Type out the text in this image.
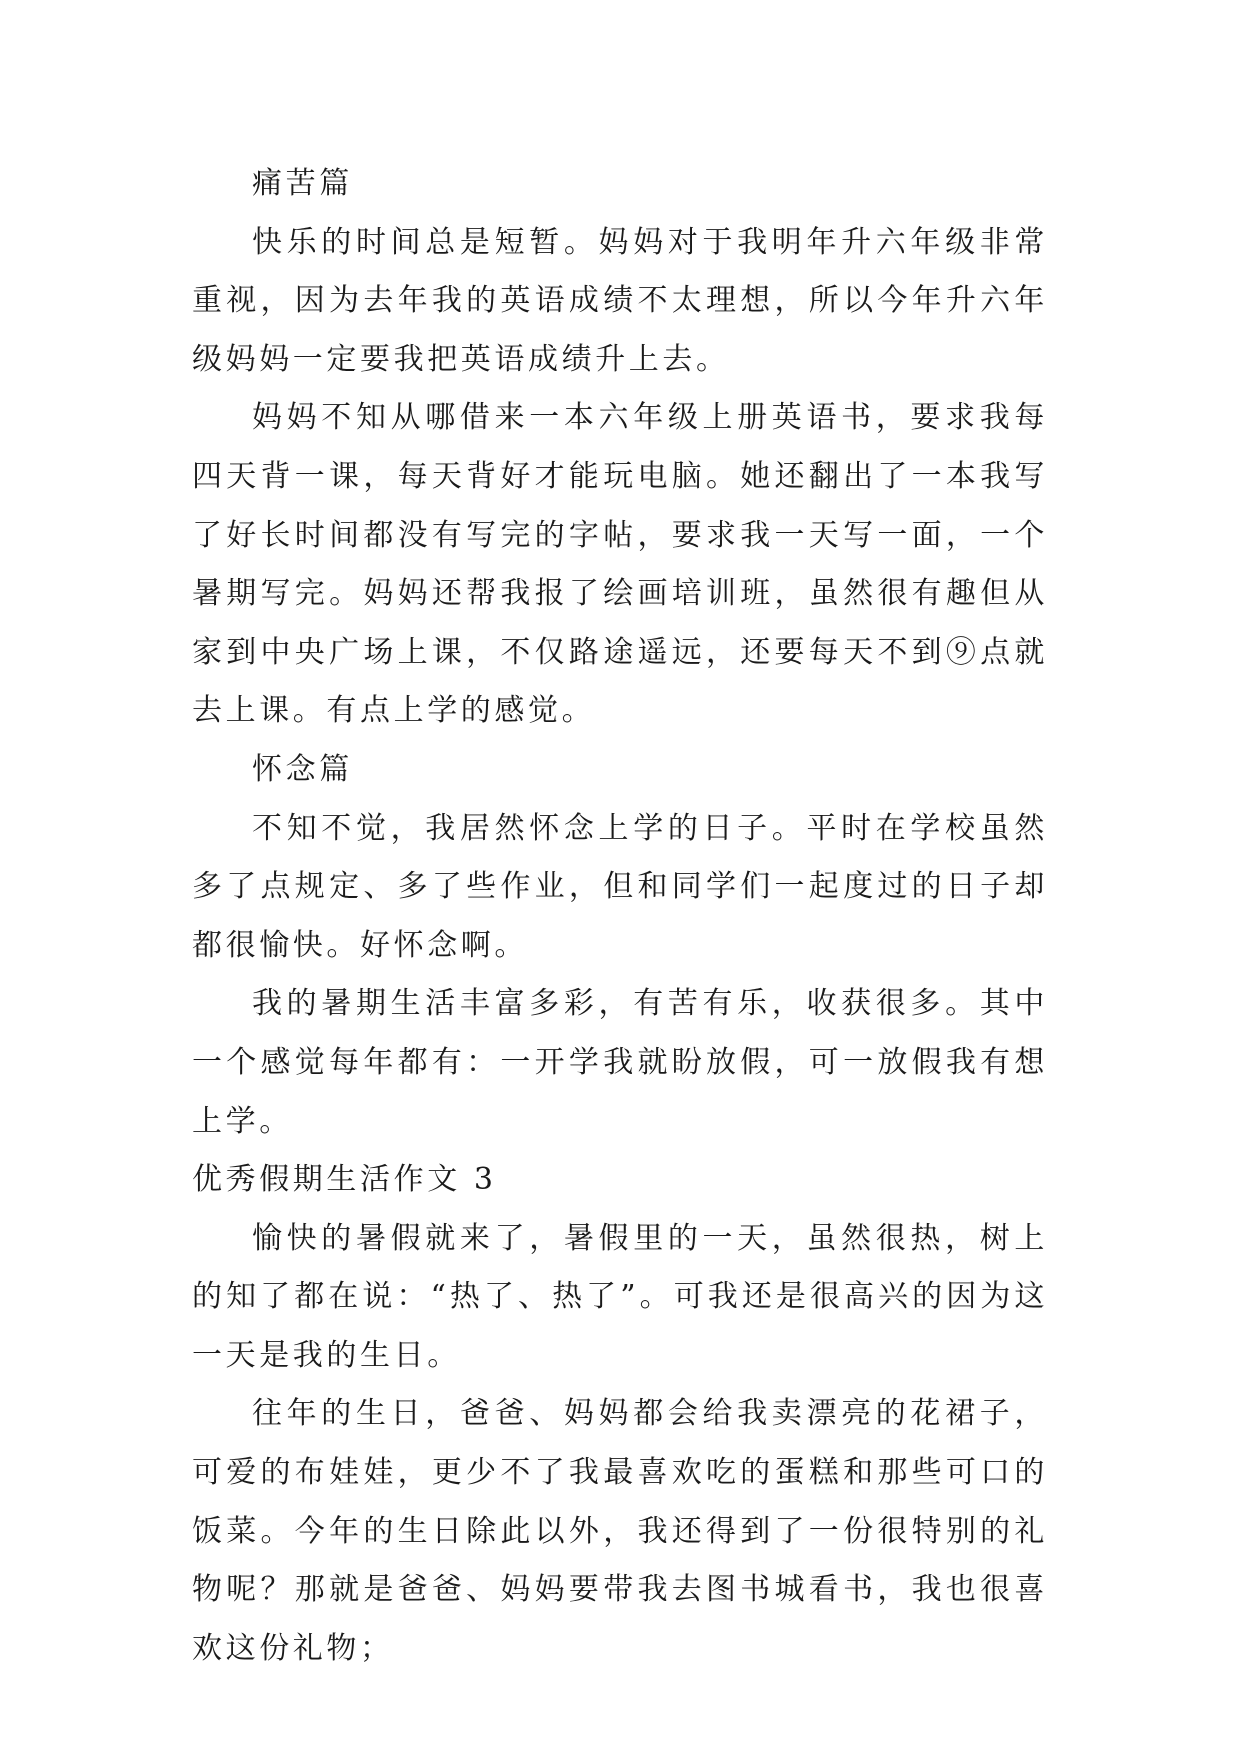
痛苦篇

快乐的时间总是短暂。妈妈对于我明年升六年级非常重视，因为去年我的英语成绩不太理想，所以今年升六年级妈妈一定要我把英语成绩升上去。

妈妈不知从哪借来一本六年级上册英语书，要求我每四天背一课，每天背好才能玩电脑。她还翻出了一本我写了好长时间都没有写完的字帖，要求我一天写一面，一个暑期写完。妈妈还帮我报了绘画培训班，虽然很有趣但从家到中央广场上课，不仅路途遥远，还要每天不到⑨点就去上课。有点上学的感觉。

怀念篇

不知不觉，我居然怀念上学的日子。平时在学校虽然多了点规定、多了些作业，但和同学们一起度过的日子却都很愉快。好怀念啊。

我的暑期生活丰富多彩，有苦有乐，收获很多。其中一个感觉每年都有：一开学我就盼放假，可一放假我有想上学。

优秀假期生活作文 3

愉快的暑假就来了，暑假里的一天，虽然很热，树上的知了都在说：“热了、热了”。可我还是很高兴的因为这一天是我的生日。

往年的生日，爸爸、妈妈都会给我卖漂亮的花裙子，可爱的布娃娃，更少不了我最喜欢吃的蛋糕和那些可口的饭菜。今年的生日除此以外，我还得到了一份很特别的礼物呢？那就是爸爸、妈妈要带我去图书城看书，我也很喜欢这份礼物；
